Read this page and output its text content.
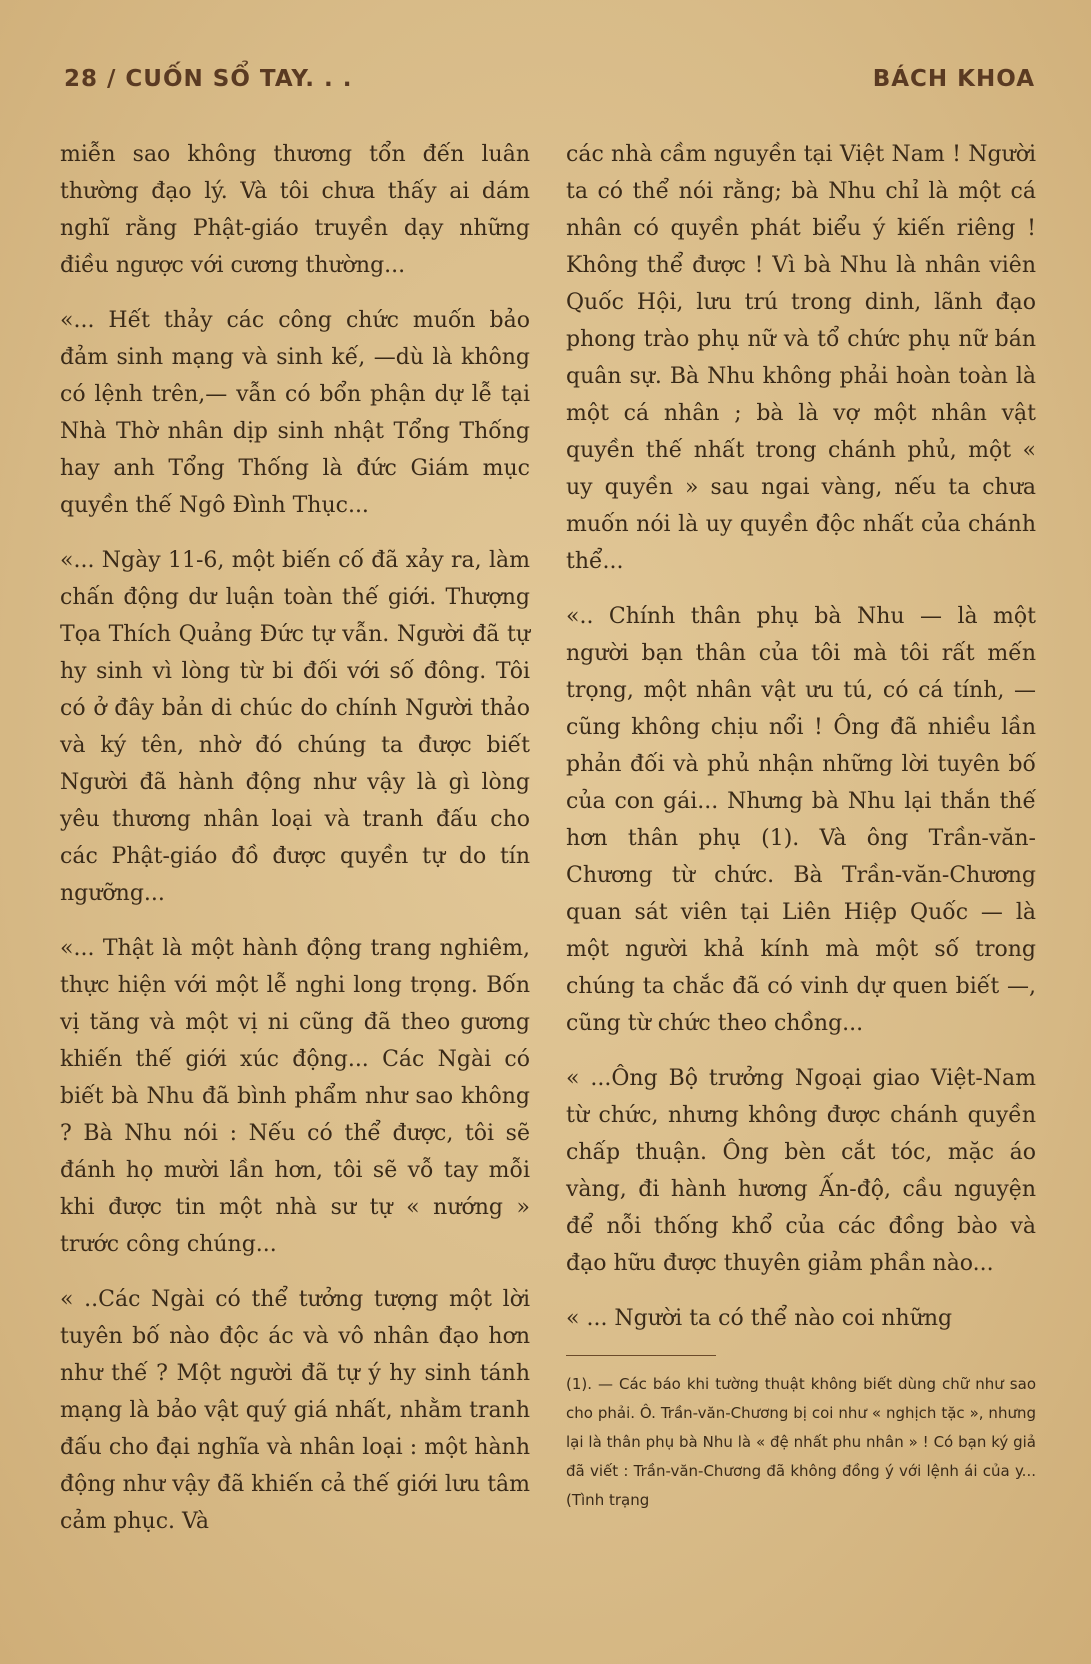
28 / CUỐN SỔ TAY. . .	BÁCH KHOA

miễn sao không thương tổn đến luân thường đạo lý. Và tôi chưa thấy ai dám nghĩ rằng Phật-giáo truyền dạy những điều ngược với cương thường...

«... Hết thảy các công chức muốn bảo đảm sinh mạng và sinh kế, —dù là không có lệnh trên,— vẫn có bổn phận dự lễ tại Nhà Thờ nhân dịp sinh nhật Tổng Thống hay anh Tổng Thống là đức Giám mục quyền thế Ngô Đình Thục...

«... Ngày 11-6, một biến cố đã xảy ra, làm chấn động dư luận toàn thế giới. Thượng Tọa Thích Quảng Đức tự vẫn. Người đã tự hy sinh vì lòng từ bi đối với số đông. Tôi có ở đây bản di chúc do chính Người thảo và ký tên, nhờ đó chúng ta được biết Người đã hành động như vậy là gì lòng yêu thương nhân loại và tranh đấu cho các Phật-giáo đồ được quyền tự do tín ngưỡng...

«... Thật là một hành động trang nghiêm, thực hiện với một lễ nghi long trọng. Bốn vị tăng và một vị ni cũng đã theo gương khiến thế giới xúc động... Các Ngài có biết bà Nhu đã bình phẩm như sao không ? Bà Nhu nói : Nếu có thể được, tôi sẽ đánh họ mười lần hơn, tôi sẽ vỗ tay mỗi khi được tin một nhà sư tự « nướng » trước công chúng...

« ..Các Ngài có thể tưởng tượng một lời tuyên bố nào độc ác và vô nhân đạo hơn như thế ? Một người đã tự ý hy sinh tánh mạng là bảo vật quý giá nhất, nhằm tranh đấu cho đại nghĩa và nhân loại : một hành động như vậy đã khiến cả thế giới lưu tâm cảm phục. Và

các nhà cầm nguyền tại Việt Nam ! Người ta có thể nói rằng; bà Nhu chỉ là một cá nhân có quyền phát biểu ý kiến riêng ! Không thể được ! Vì bà Nhu là nhân viên Quốc Hội, lưu trú trong dinh, lãnh đạo phong trào phụ nữ và tổ chức phụ nữ bán quân sự. Bà Nhu không phải hoàn toàn là một cá nhân ; bà là vợ một nhân vật quyền thế nhất trong chánh phủ, một « uy quyền » sau ngai vàng, nếu ta chưa muốn nói là uy quyền độc nhất của chánh thể...

«.. Chính thân phụ bà Nhu — là một người bạn thân của tôi mà tôi rất mến trọng, một nhân vật ưu tú, có cá tính, — cũng không chịu nổi ! Ông đã nhiều lần phản đối và phủ nhận những lời tuyên bố của con gái... Nhưng bà Nhu lại thắn thế hơn thân phụ (1). Và ông Trần-văn-Chương từ chức. Bà Trần-văn-Chương quan sát viên tại Liên Hiệp Quốc — là một người khả kính mà một số trong chúng ta chắc đã có vinh dự quen biết —, cũng từ chức theo chồng...

« ...Ông Bộ trưởng Ngoại giao Việt-Nam từ chức, nhưng không được chánh quyền chấp thuận. Ông bèn cắt tóc, mặc áo vàng, đi hành hương Ấn-độ, cầu nguyện để nỗi thống khổ của các đồng bào và đạo hữu được thuyên giảm phần nào...

« ... Người ta có thể nào coi những

(1). — Các báo khi tường thuật không biết dùng chữ như sao cho phải. Ô. Trần-văn-Chương bị coi như « nghịch tặc », nhưng lại là thân phụ bà Nhu là « đệ nhất phu nhân » ! Có bạn ký giả đã viết : Trần-văn-Chương đã không đồng ý với lệnh ái của y... (Tình trạng
